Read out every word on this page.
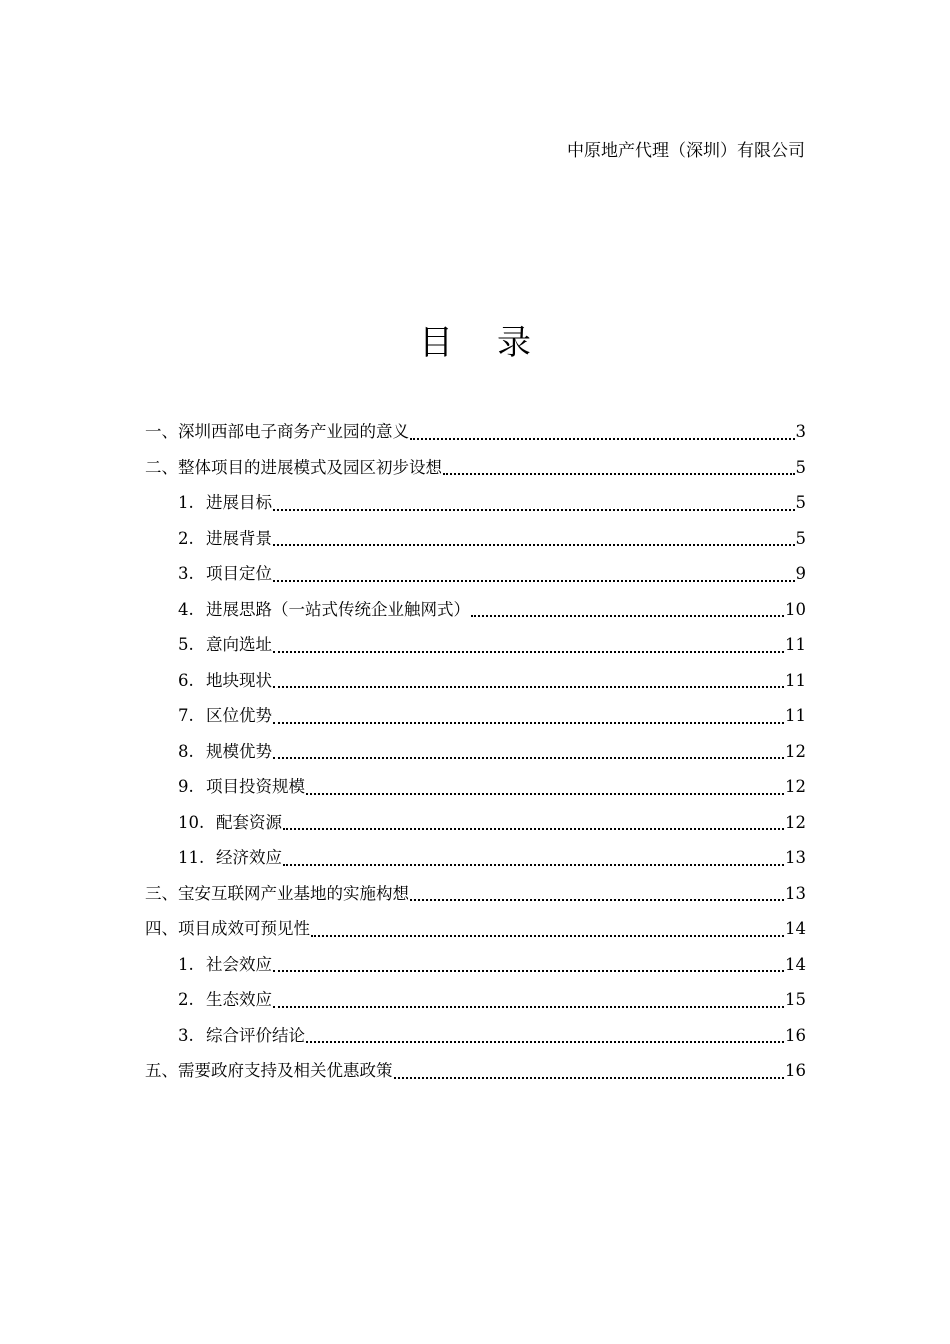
中原地产代理（深圳）有限公司
目录
一、深圳西部电子商务产业园的意义	3
二、整体项目的进展模式及园区初步设想	5
1. 进展目标	5
2. 进展背景	5
3. 项目定位	9
4. 进展思路（一站式传统企业触网式）	10
5. 意向选址	11
6. 地块现状	11
7. 区位优势	11
8. 规模优势	12
9. 项目投资规模	12
10. 配套资源	12
11. 经济效应	13
三、宝安互联网产业基地的实施构想	13
四、项目成效可预见性	14
1. 社会效应	14
2. 生态效应	15
3. 综合评价结论	16
五、需要政府支持及相关优惠政策	16
